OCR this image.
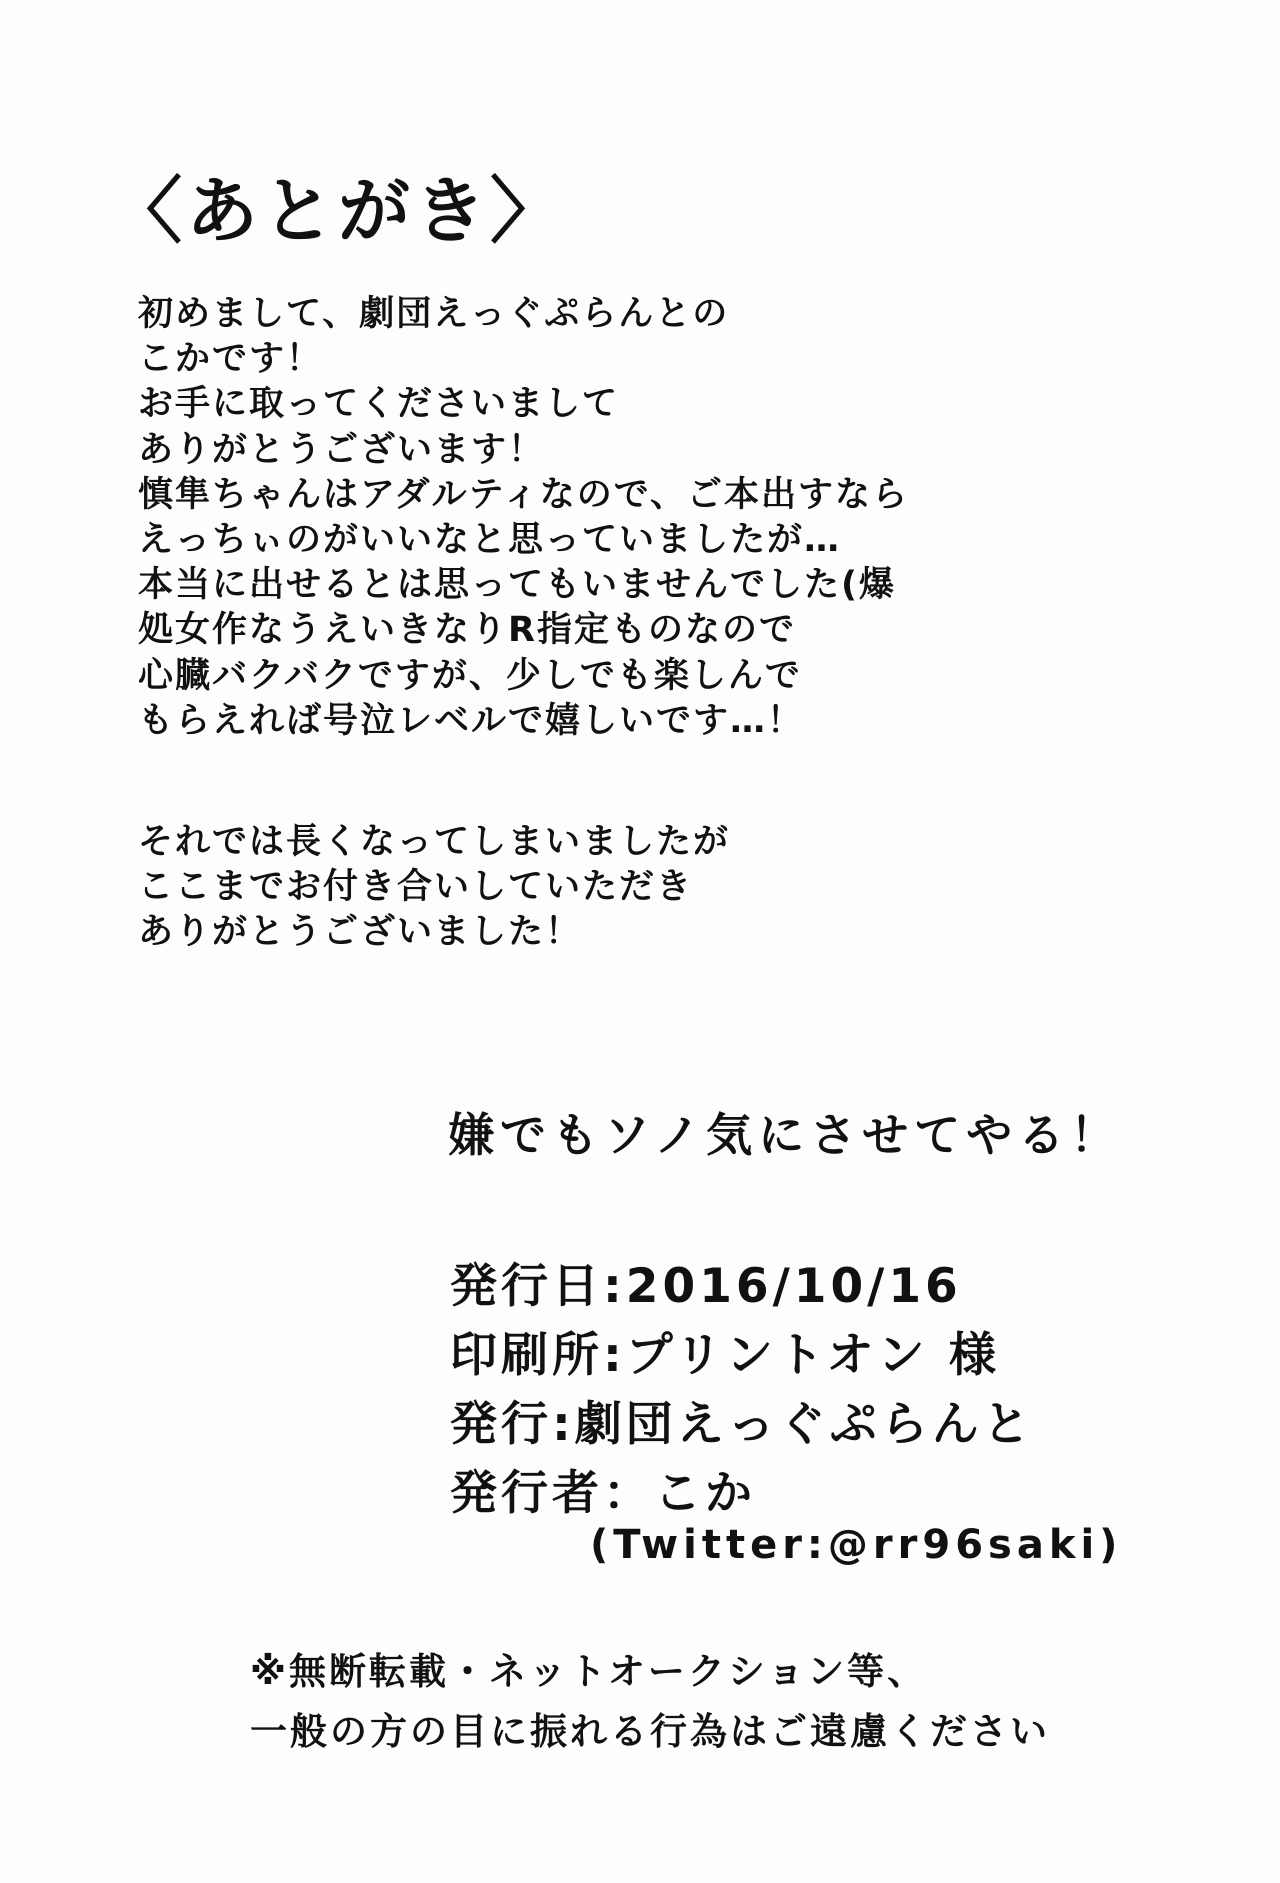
〈あとがき〉
初めまして、劇団えっぐぷらんとの
こかです！
お手に取ってくださいまして
ありがとうございます！
慎隼ちゃんはアダルティなので、ご本出すなら
えっちぃのがいいなと思っていましたが…
本当に出せるとは思ってもいませんでした(爆
処女作なうえいきなりR指定ものなので
心臓バクバクですが、少しでも楽しんで
もらえれば号泣レベルで嬉しいです…！
それでは長くなってしまいましたが
ここまでお付き合いしていただき
ありがとうございました！
嫌でもソノ気にさせてやる！
発行日:2016/10/16
印刷所:プリントオン 様
発行:劇団えっぐぷらんと
発行者：こか
(Twitter:@rr96saki)
※無断転載・ネットオークション等、
一般の方の目に振れる行為はご遠慮ください
